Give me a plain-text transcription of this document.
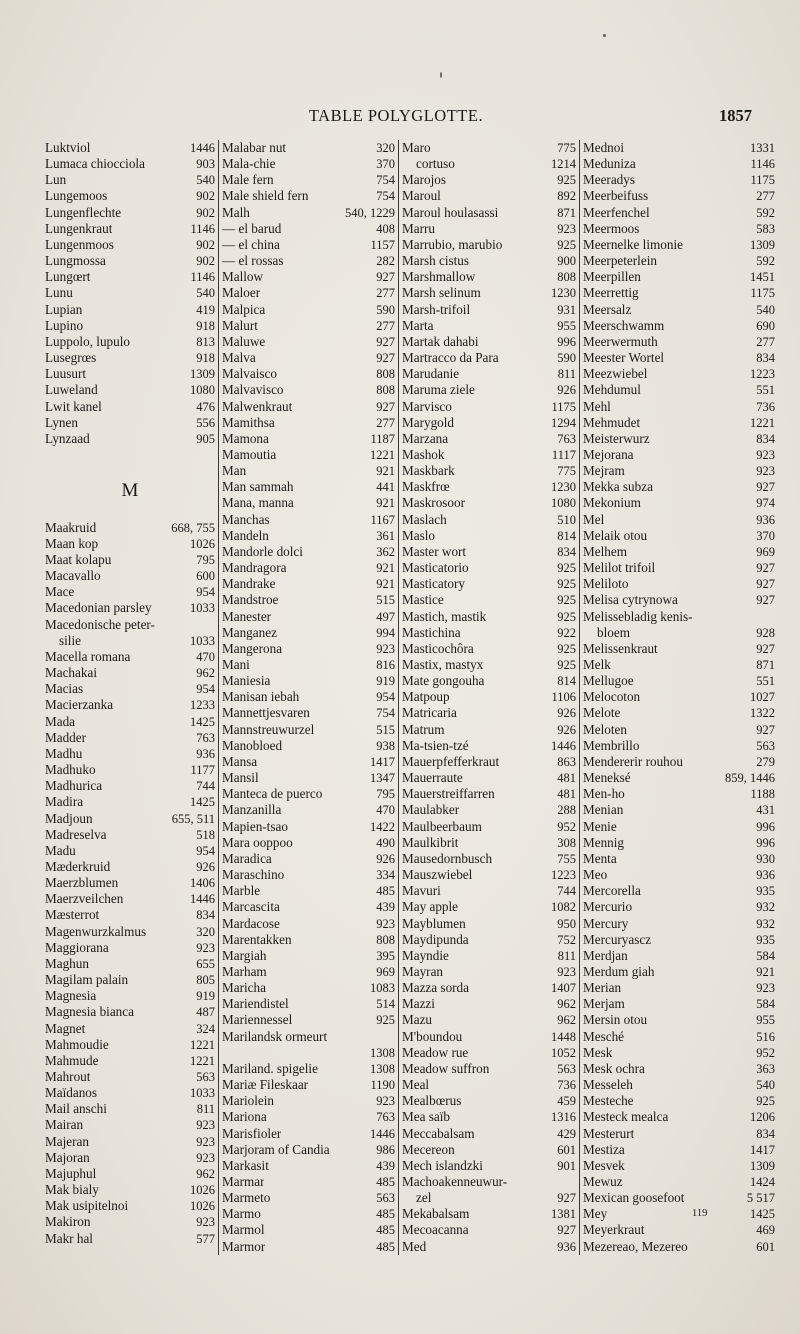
TABLE POLYGLOTTE.	1857
Luktviol	1446
Lumaca chiocciola	903
Lun	540
Lungemoos	902
Lungenflechte	902
Lungenkraut	1146
Lungenmoos	902
Lungmossa	902
Lungœrt	1146
Lunu	540
Lupian	419
Lupino	918
Luppolo, lupulo	813
Lusegrœs	918
Luusurt	1309
Luweland	1080
Lwit kanel	476
Lynen	556
Lynzaad	905
M
Maakruid	668, 755
Maan kop	1026
Maat kolapu	795
Macavallo	600
Mace	954
Macedonian parsley	1033
Macedonische peter-
silie	1033
Macella romana	470
Machakai	962
Macias	954
Macierzanka	1233
Mada	1425
Madder	763
Madhu	936
Madhuko	1177
Madhurica	744
Madira	1425
Madjoun	655, 511
Madreselva	518
Madu	954
Mæderkruid	926
Maerzblumen	1406
Maerzveilchen	1446
Mæsterrot	834
Magenwurzkalmus	320
Maggiorana	923
Maghun	655
Magilam palain	805
Magnesia	919
Magnesia bianca	487
Magnet	324
Mahmoudie	1221
Mahmude	1221
Mahrout	563
Maïdanos	1033
Mail anschi	811
Mairan	923
Majeran	923
Majoran	923
Majuphul	962
Mak bialy	1026
Mak usipitelnoi	1026
Makiron	923
Makr hal	577
Malabar nut	320
Mala-chie	370
Male fern	754
Male shield fern	754
Malh	540, 1229
— el barud	408
— el china	1157
— el rossas	282
Mallow	927
Maloer	277
Malpica	590
Malurt	277
Maluwe	927
Malva	927
Malvaisco	808
Malvavisco	808
Malwenkraut	927
Mamithsa	277
Mamona	1187
Mamoutia	1221
Man	921
Man sammah	441
Mana, manna	921
Manchas	1167
Mandeln	361
Mandorle dolci	362
Mandragora	921
Mandrake	921
Mandstroe	515
Manester	497
Manganez	994
Mangerona	923
Mani	816
Maniesia	919
Manisan iebah	954
Mannettjesvaren	754
Mannstreuwurzel	515
Manobloed	938
Mansa	1417
Mansil	1347
Manteca de puerco	795
Manzanilla	470
Mapien-tsao	1422
Mara ooppoo	490
Maradica	926
Maraschino	334
Marble	485
Marcascita	439
Mardacose	923
Marentakken	808
Margiah	395
Marham	969
Maricha	1083
Mariendistel	514
Mariennessel	925
Marilandsk ormeurt
1308
Mariland. spigelie	1308
Mariæ Fileskaar	1190
Mariolein	923
Mariona	763
Marisfioler	1446
Marjoram of Candia	986
Markasit	439
Marmar	485
Marmeto	563
Marmo	485
Marmol	485
Marmor	485
Maro	775
cortuso	1214
Marojos	925
Maroul	892
Maroul houlasassi	871
Marru	923
Marrubio, marubio	925
Marsh cistus	900
Marshmallow	808
Marsh selinum	1230
Marsh-trifoil	931
Marta	955
Martak dahabi	996
Martracco da Para	590
Marudanie	811
Maruma ziele	926
Marvisco	1175
Marygold	1294
Marzana	763
Mashok	1117
Maskbark	775
Maskfrœ	1230
Maskrosoor	1080
Maslach	510
Maslo	814
Master wort	834
Masticatorio	925
Masticatory	925
Mastice	925
Mastich, mastik	925
Mastichina	922
Masticochôra	925
Mastix, mastyx	925
Mate gongouha	814
Matpoup	1106
Matricaria	926
Matrum	926
Ma-tsien-tzé	1446
Mauerpfefferkraut	863
Mauerraute	481
Mauerstreiffarren	481
Maulabker	288
Maulbeerbaum	952
Maulkibrit	308
Mausedornbusch	755
Mauszwiebel	1223
Mavuri	744
May apple	1082
Mayblumen	950
Maydipunda	752
Mayndie	811
Mayran	923
Mazza sorda	1407
Mazzi	962
Mazu	962
M'boundou	1448
Meadow rue	1052
Meadow suffron	563
Meal	736
Mealbœrus	459
Mea saïb	1316
Meccabalsam	429
Mecereon	601
Mech islandzki	901
Machoakenneuwur-
zel	927
Mekabalsam	1381
Mecoacanna	927
Med	936
Mednoi	1331
Meduniza	1146
Meeradys	1175
Meerbeifuss	277
Meerfenchel	592
Meermoos	583
Meernelke limonie	1309
Meerpeterlein	592
Meerpillen	1451
Meerrettig	1175
Meersalz	540
Meerschwamm	690
Meerwermuth	277
Meester Wortel	834
Meezwiebel	1223
Mehdumul	551
Mehl	736
Mehmudet	1221
Meisterwurz	834
Mejorana	923
Mejram	923
Mekka subza	927
Mekonium	974
Mel	936
Melaik otou	370
Melhem	969
Melilot trifoil	927
Meliloto	927
Melisa cytrynowa	927
Melissebladig kenis-
bloem	928
Melissenkraut	927
Melk	871
Mellugoe	551
Melocoton	1027
Melote	1322
Meloten	927
Membrillo	563
Mendererir rouhou	279
Meneksé	859, 1446
Men-ho	1188
Menian	431
Menie	996
Mennig	996
Menta	930
Meo	936
Mercorella	935
Mercurio	932
Mercury	932
Mercuryascz	935
Merdjan	584
Merdum giah	921
Merian	923
Merjam	584
Mersin otou	955
Mesché	516
Mesk	952
Mesk ochra	363
Messeleh	540
Mesteche	925
Mesteck mealca	1206
Mesterurt	834
Mestiza	1417
Mesvek	1309
Mewuz	1424
Mexican goosefoot	5 517
Mey	1425
Meyerkraut	469
Mezereao, Mezereo	601
119
